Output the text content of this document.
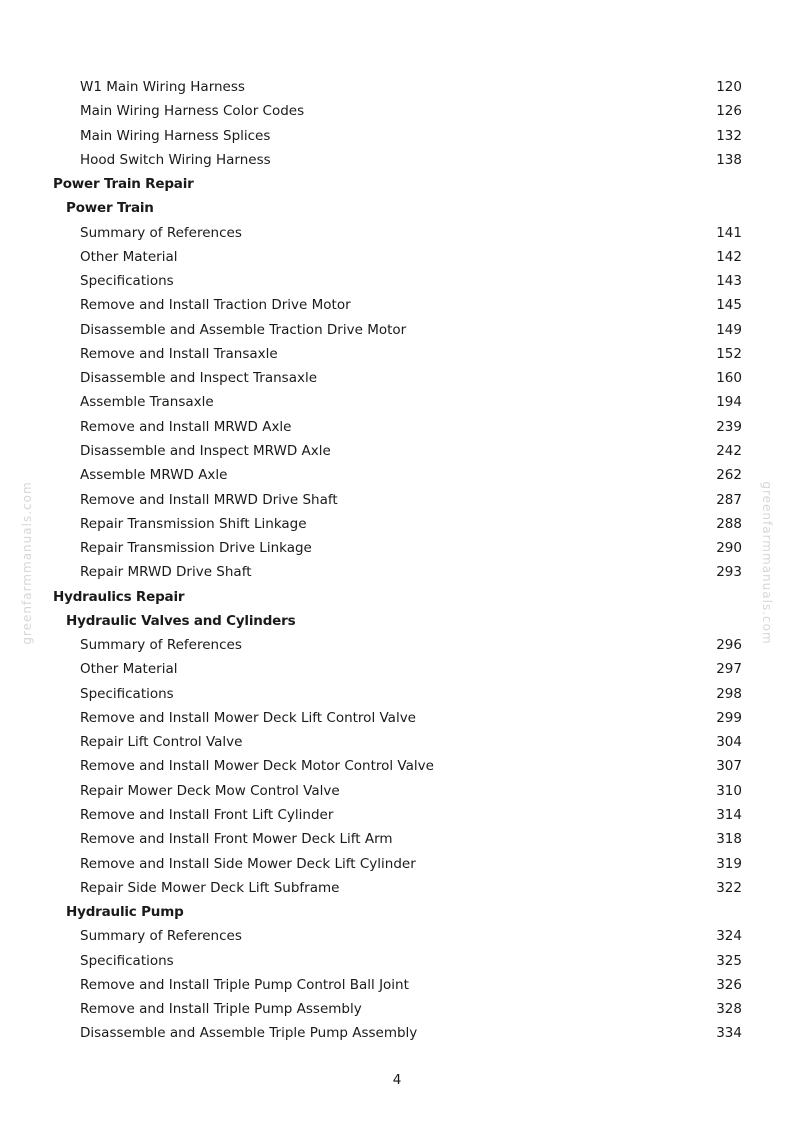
greenfarmmanuals.com	greenfarmmanuals.com
W1 Main Wiring Harness	120
Main Wiring Harness Color Codes	126
Main Wiring Harness Splices	132
Hood Switch Wiring Harness	138
Power Train Repair
Power Train
Summary of References	141
Other Material	142
Specifications	143
Remove and Install Traction Drive Motor	145
Disassemble and Assemble Traction Drive Motor	149
Remove and Install Transaxle	152
Disassemble and Inspect Transaxle	160
Assemble Transaxle	194
Remove and Install MRWD Axle	239
Disassemble and Inspect MRWD Axle	242
Assemble MRWD Axle	262
Remove and Install MRWD Drive Shaft	287
Repair Transmission Shift Linkage	288
Repair Transmission Drive Linkage	290
Repair MRWD Drive Shaft	293
Hydraulics Repair
Hydraulic Valves and Cylinders
Summary of References	296
Other Material	297
Specifications	298
Remove and Install Mower Deck Lift Control Valve	299
Repair Lift Control Valve	304
Remove and Install Mower Deck Motor Control Valve	307
Repair Mower Deck Mow Control Valve	310
Remove and Install Front Lift Cylinder	314
Remove and Install Front Mower Deck Lift Arm	318
Remove and Install Side Mower Deck Lift Cylinder	319
Repair Side Mower Deck Lift Subframe	322
Hydraulic Pump
Summary of References	324
Specifications	325
Remove and Install Triple Pump Control Ball Joint	326
Remove and Install Triple Pump Assembly	328
Disassemble and Assemble Triple Pump Assembly	334
4
